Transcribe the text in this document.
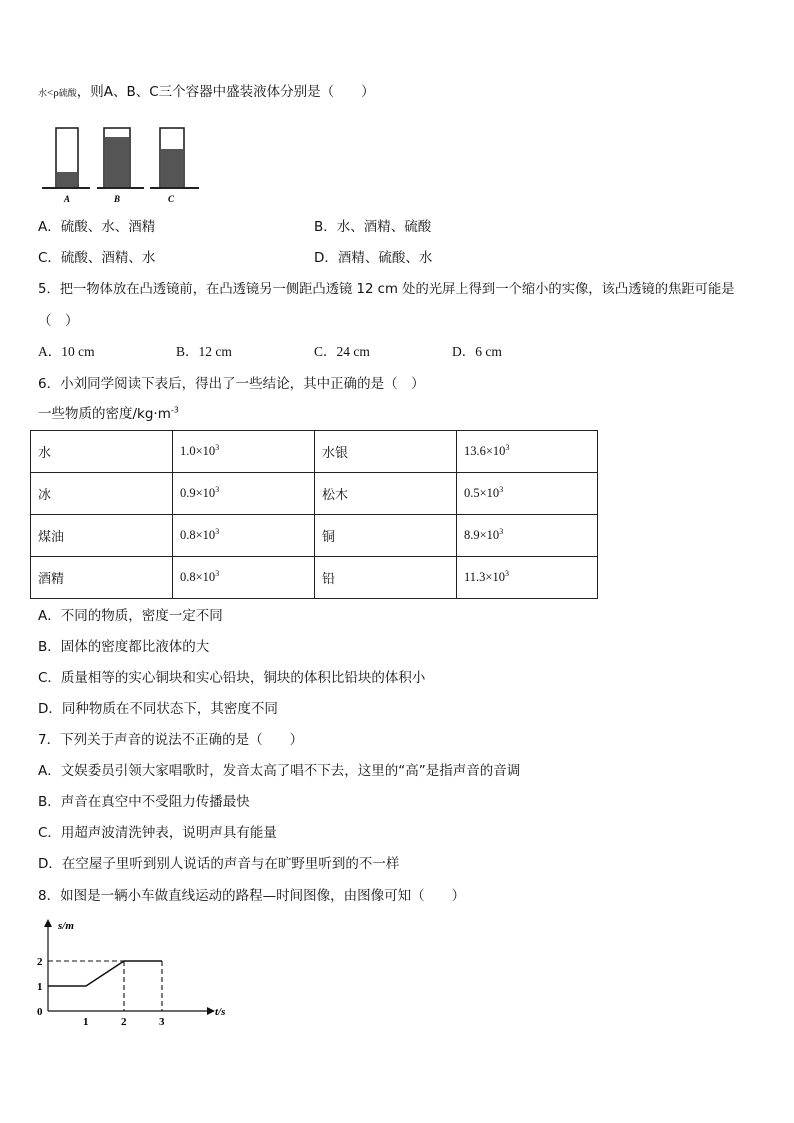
水<ρ硫酸，则A、B、C三个容器中盛装液体分别是（　　）
A	B	C
A．硫酸、水、酒精	B．水、酒精、硫酸
C．硫酸、酒精、水	D．酒精、硫酸、水
5．把一物体放在凸透镜前，在凸透镜另一侧距凸透镜 12 cm 处的光屏上得到一个缩小的实像，该凸透镜的焦距可能是
（　）
A．10 cm	B．12 cm	C．24 cm	D．6 cm
6．小刘同学阅读下表后，得出了一些结论，其中正确的是（　）
一些物质的密度$/kg\cdot m^{-3}$
水	$1.0\times 10^3$	水银	$13.6\times 10^3$
冰	$0.9\times 10^3$	松木	$0.5\times 10^3$
煤油	$0.8\times 10^3$	铜	$8.9\times 10^3$
酒精	$0.8\times 10^3$	铅	$11.3\times 10^3$
A．不同的物质，密度一定不同
B．固体的密度都比液体的大
C．质量相等的实心铜块和实心铅块，铜块的体积比铅块的体积小
D．同种物质在不同状态下，其密度不同
7．下列关于声音的说法不正确的是（　　）
A．文娱委员引领大家唱歌时，发音太高了唱不下去，这里的“高”是指声音的音调
B．声音在真空中不受阻力传播最快
C．用超声波清洗钟表，说明声具有能量
D．在空屋子里听到别人说话的声音与在旷野里听到的不一样
8．如图是一辆小车做直线运动的路程—时间图像，由图像可知（　　）
s/m
t/s
0
1	2	3
1
2
